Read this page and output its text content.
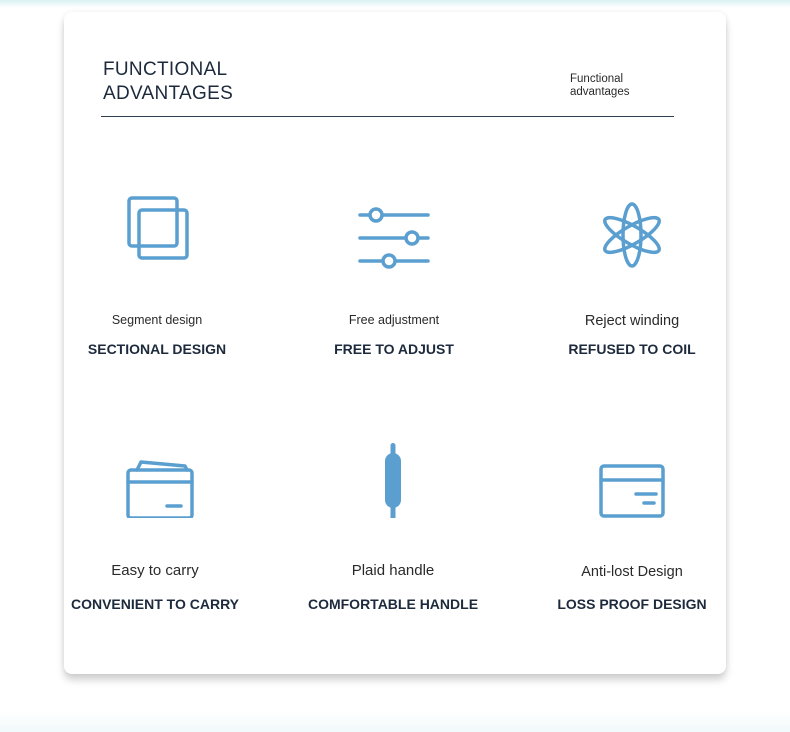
FUNCTIONAL
ADVANTAGES
Functional
advantages
Segment design
SECTIONAL DESIGN
Free adjustment
FREE TO ADJUST
Reject winding
REFUSED TO COIL
Easy to carry
CONVENIENT TO CARRY
Plaid handle
COMFORTABLE HANDLE
Anti-lost Design
LOSS PROOF DESIGN
